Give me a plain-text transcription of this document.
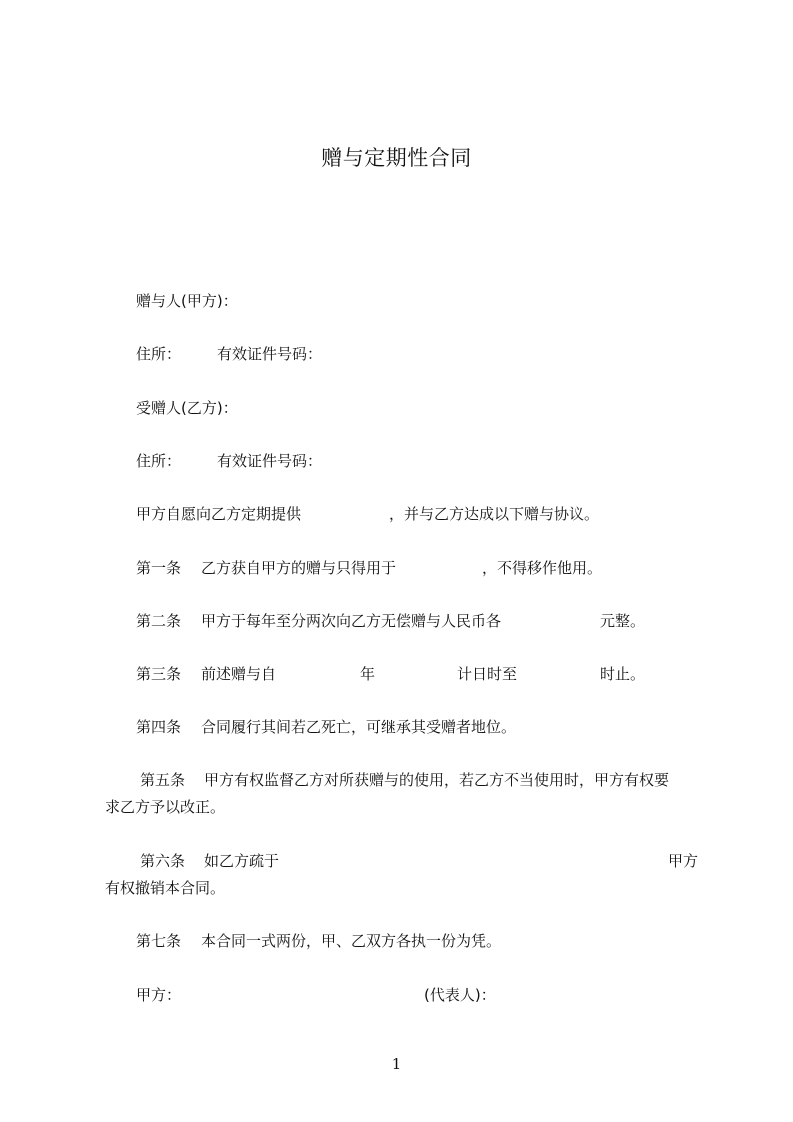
赠与定期性合同
赠与人(甲方)：
住所： 有效证件号码：
受赠人(乙方)：
住所： 有效证件号码：
甲方自愿向乙方定期提供	，并与乙方达成以下赠与协议。
第一条 乙方获自甲方的赠与只得用于	，不得移作他用。
第二条 甲方于每年至分两次向乙方无偿赠与人民币各	元整。
第三条 前述赠与自	年	计日时至	时止。
第四条 合同履行其间若乙死亡，可继承其受赠者地位。
第五条 甲方有权监督乙方对所获赠与的使用，若乙方不当使用时，甲方有权要
求乙方予以改正。
第六条 如乙方疏于	甲方
有权撤销本合同。
第七条 本合同一式两份，甲、乙双方各执一份为凭。
甲方：	(代表人)：
1
